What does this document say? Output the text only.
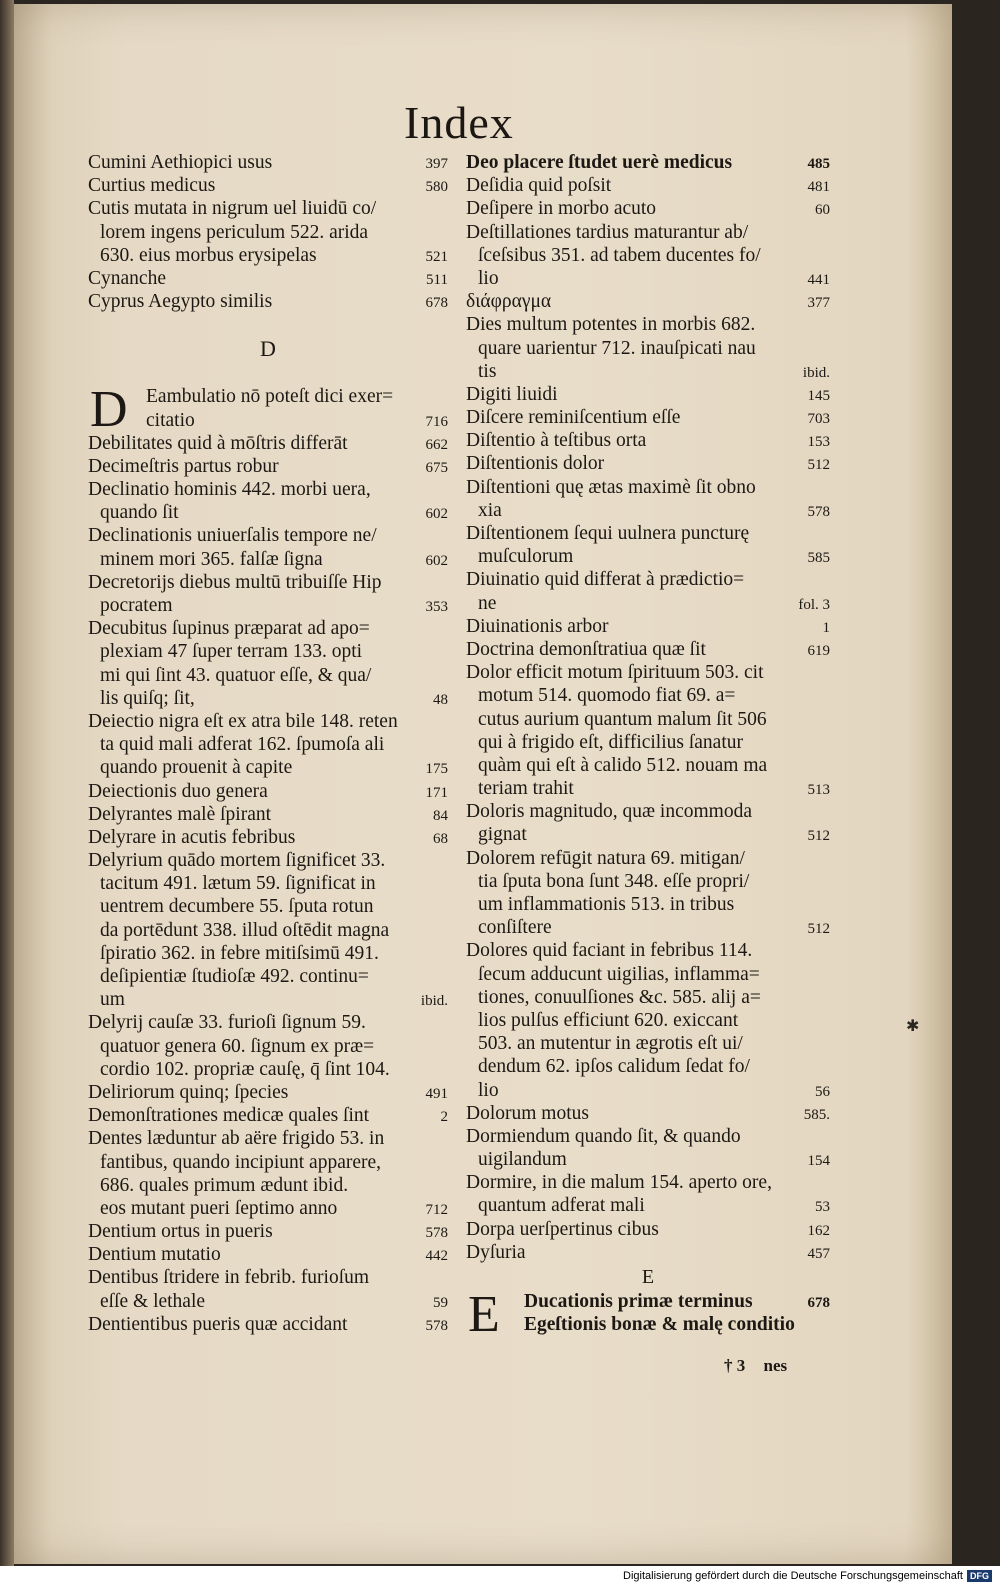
Index
Cumini Aethiopici usus	397
Curtius medicus	580
Cutis mutata in nigrum uel liuidū co/
lorem ingens periculum 522. arida
630. eius morbus erysipelas	521
Cynanche	511
Cyprus Aegypto similis	678
D
D Eambulatio nō poteſt dici exer=
citatio	716
Debilitates quid à mōſtris differāt	662
Decimeſtris partus robur	675
Declinatio hominis 442. morbi uera,
quando ſit	602
Declinationis uniuerſalis tempore ne/
minem mori 365. falſæ ſigna	602
Decretorijs diebus multū tribuiſſe Hip
pocratem	353
Decubitus ſupinus præparat ad apo=
plexiam 47 ſuper terram 133. opti
mi qui ſint 43. quatuor eſſe, & qua/
lis quiſq; ſit,	48
Deiectio nigra eſt ex atra bile 148. reten
ta quid mali adferat 162. ſpumoſa ali
quando prouenit à capite	175
Deiectionis duo genera	171
Delyrantes malè ſpirant	84
Delyrare in acutis febribus	68
Delyrium quādo mortem ſignificet 33.
tacitum 491. lætum 59. ſignificat in
uentrem decumbere 55. ſputa rotun
da portēdunt 338. illud oſtēdit magna
ſpiratio 362. in febre mitiſsimū 491.
deſipientiæ ſtudioſæ 492. continu=
um	ibid.
Delyrij cauſæ 33. furioſi ſignum 59.
quatuor genera 60. ſignum ex præ=
cordio 102. propriæ cauſę, q̄ ſint 104.
Deliriorum quinq; ſpecies	491
Demonſtrationes medicæ quales ſint	2
Dentes læduntur ab aëre frigido 53. in
fantibus, quando incipiunt apparere,
686. quales primum ædunt ibid.
eos mutant pueri ſeptimo anno	712
Dentium ortus in pueris	578
Dentium mutatio	442
Dentibus ſtridere in febrib. furioſum
eſſe & lethale	59
Dentientibus pueris quæ accidant	578
Deo placere ſtudet uerè medicus	485
Deſidia quid poſsit	481
Deſipere in morbo acuto	60
Deſtillationes tardius maturantur ab/
ſceſsibus 351. ad tabem ducentes fo/
lio	441
διάφραγμα	377
Dies multum potentes in morbis 682.
quare uarientur 712. inauſpicati nau
tis	ibid.
Digiti liuidi	145
Diſcere reminiſcentium eſſe	703
Diſtentio à teſtibus orta	153
Diſtentionis dolor	512
Diſtentioni quę ætas maximè ſit obno
xia	578
Diſtentionem ſequi uulnera puncturę
muſculorum	585
Diuinatio quid differat à prædictio=
ne	fol. 3
Diuinationis arbor	1
Doctrina demonſtratiua quæ ſit	619
Dolor efficit motum ſpirituum 503. cit
motum 514. quomodo fiat 69. a=
cutus aurium quantum malum ſit 506
qui à frigido eſt, difficilius ſanatur
quàm qui eſt à calido 512. nouam ma
teriam trahit	513
Doloris magnitudo, quæ incommoda
gignat	512
Dolorem refūgit natura 69. mitigan/
tia ſputa bona ſunt 348. eſſe propri/
um inflammationis 513. in tribus
conſiſtere	512
Dolores quid faciant in febribus 114.
ſecum adducunt uigilias, inflamma=
tiones, conuulſiones &c. 585. alij a=
lios pulſus efficiunt 620. exiccant
503. an mutentur in ægrotis eſt ui/
dendum 62. ipſos calidum ſedat fo/
lio	56
Dolorum motus	585.
Dormiendum quando ſit, & quando
uigilandum	154
Dormire, in die malum 154. aperto ore,
quantum adferat mali	53
Dorpa uerſpertinus cibus	162
Dyſuria	457
E
E	Ducationis primæ terminus	678
Egeſtionis bonæ & malę conditio
† 3 nes
✱
Digitalisierung gefördert durch die Deutsche Forschungsgemeinschaft DFG
